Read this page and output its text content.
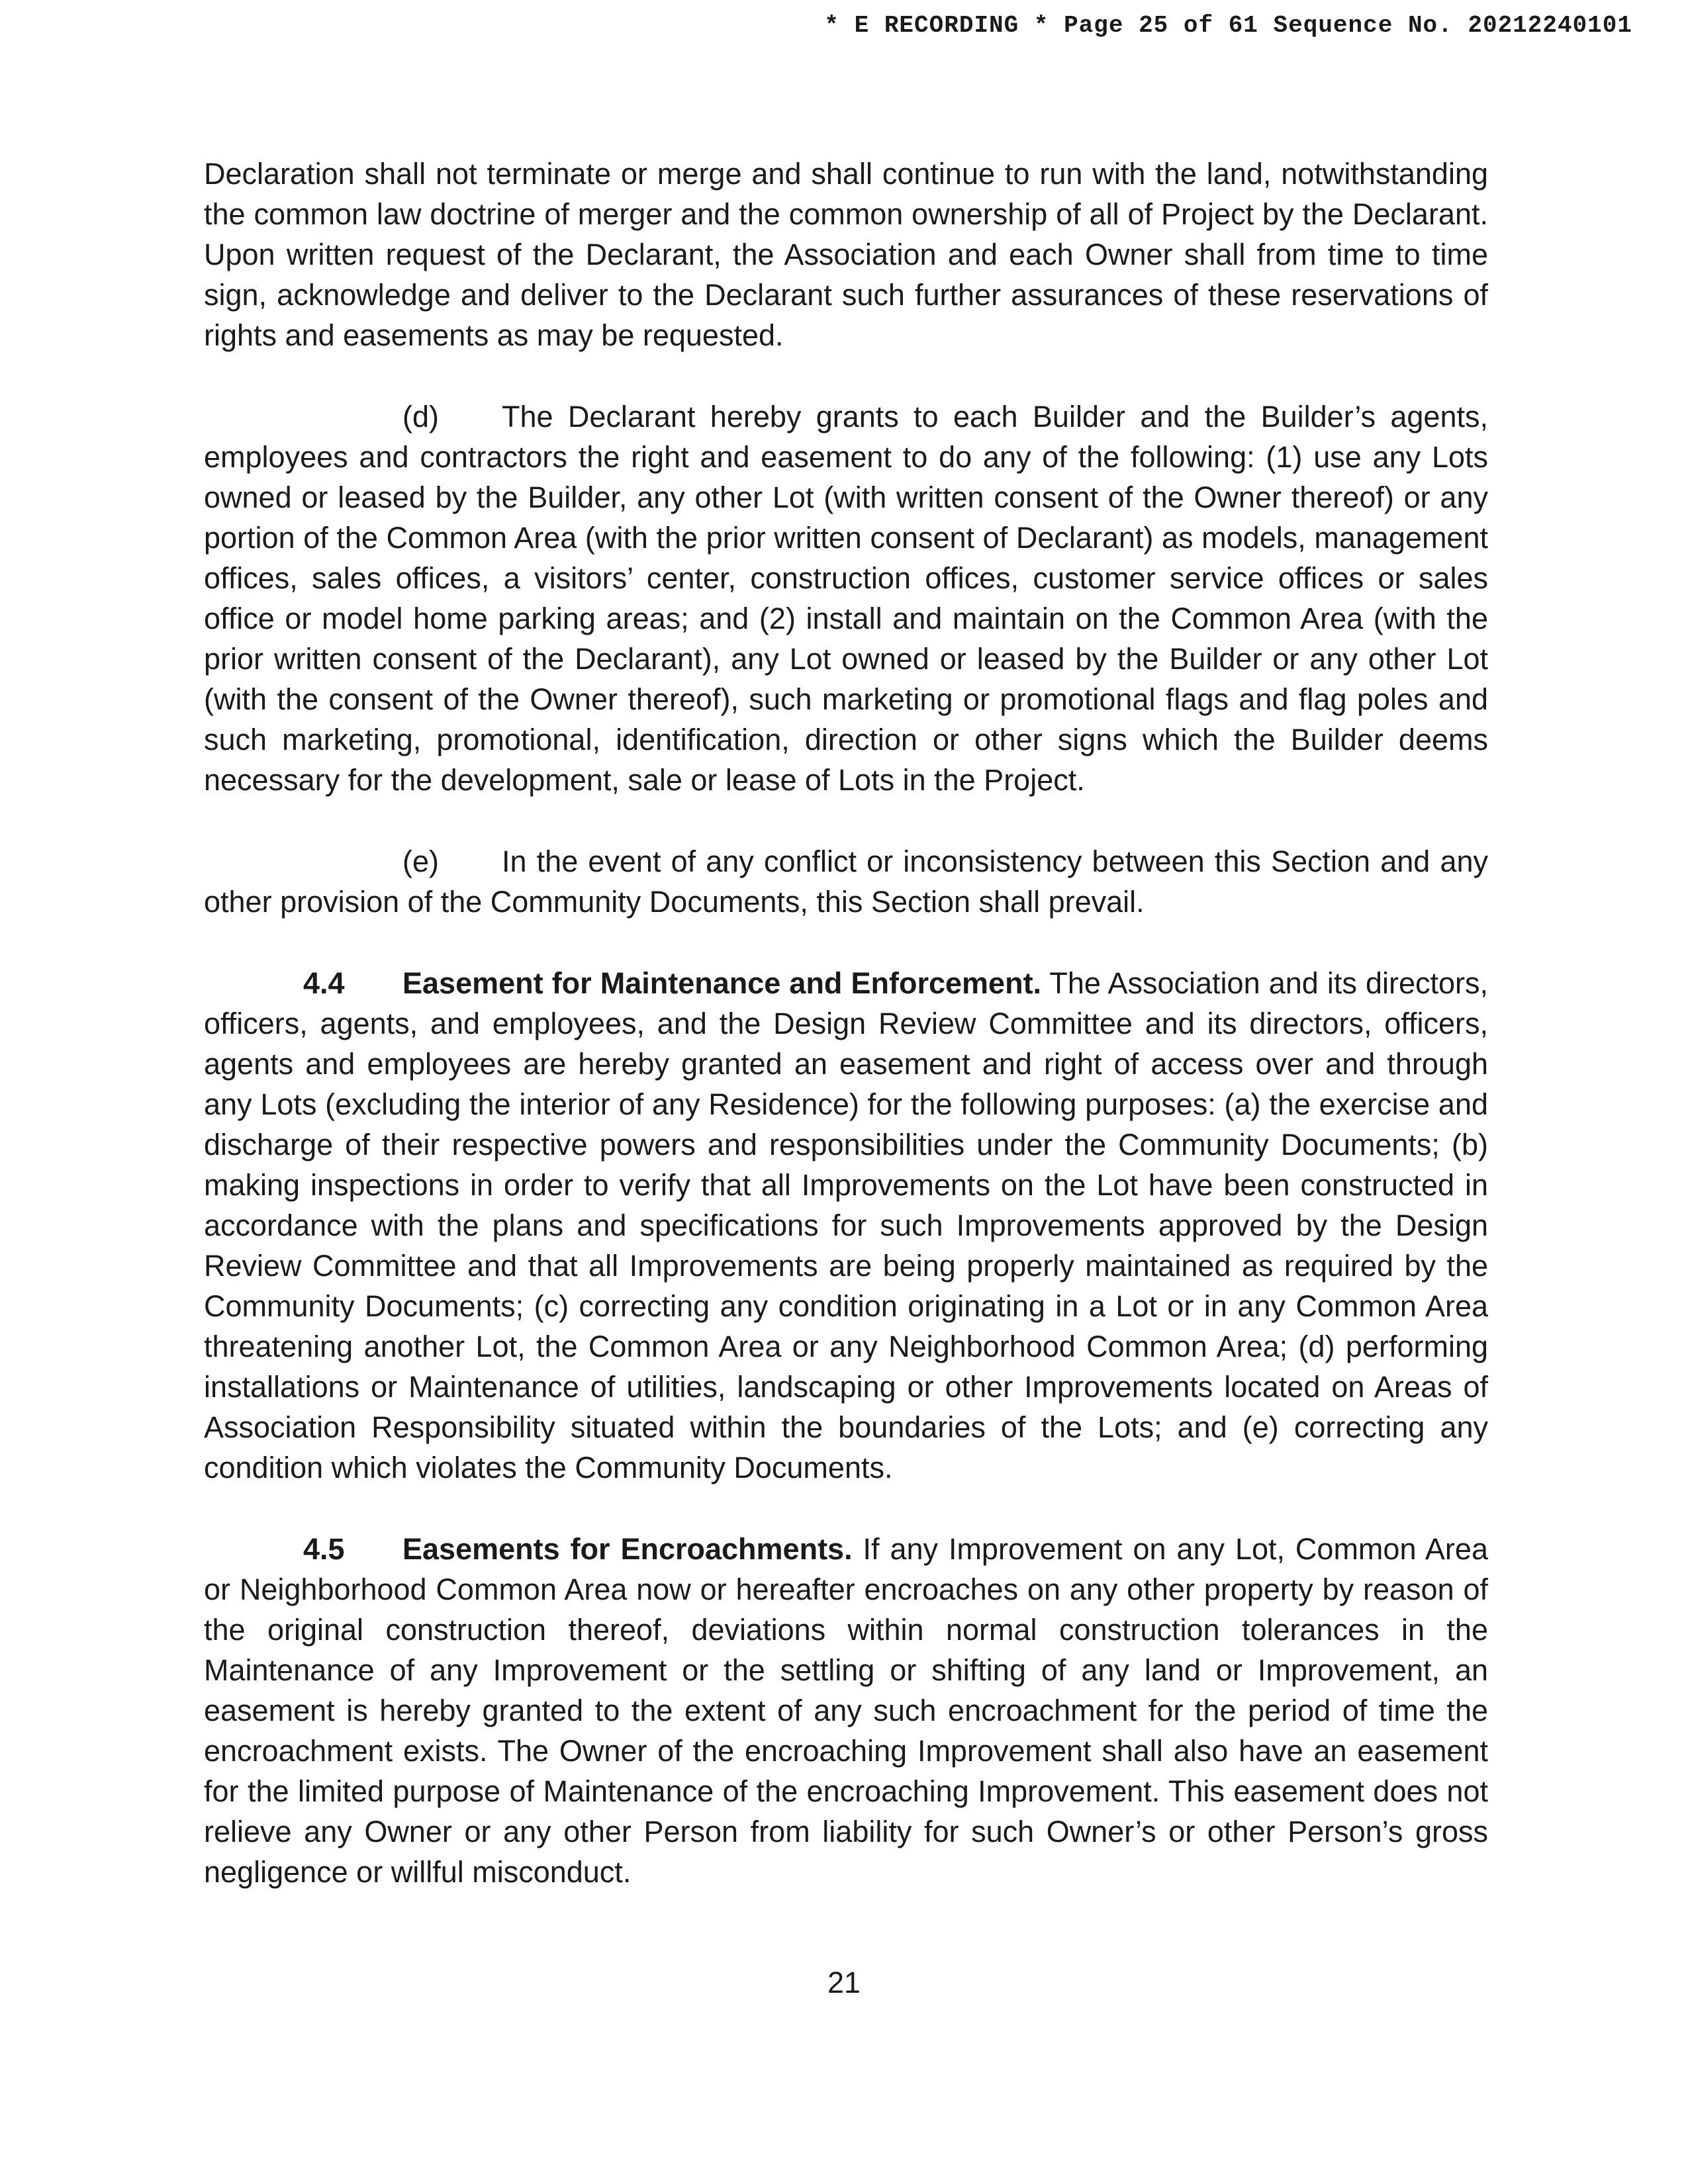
* E RECORDING * Page 25 of 61 Sequence No. 20212240101

Declaration shall not terminate or merge and shall continue to run with the land, notwithstanding the common law doctrine of merger and the common ownership of all of Project by the Declarant. Upon written request of the Declarant, the Association and each Owner shall from time to time sign, acknowledge and deliver to the Declarant such further assurances of these reservations of rights and easements as may be requested.

(d) The Declarant hereby grants to each Builder and the Builder’s agents, employees and contractors the right and easement to do any of the following: (1) use any Lots owned or leased by the Builder, any other Lot (with written consent of the Owner thereof) or any portion of the Common Area (with the prior written consent of Declarant) as models, management offices, sales offices, a visitors’ center, construction offices, customer service offices or sales office or model home parking areas; and (2) install and maintain on the Common Area (with the prior written consent of the Declarant), any Lot owned or leased by the Builder or any other Lot (with the consent of the Owner thereof), such marketing or promotional flags and flag poles and such marketing, promotional, identification, direction or other signs which the Builder deems necessary for the development, sale or lease of Lots in the Project.

(e) In the event of any conflict or inconsistency between this Section and any other provision of the Community Documents, this Section shall prevail.

4.4 Easement for Maintenance and Enforcement. The Association and its directors, officers, agents, and employees, and the Design Review Committee and its directors, officers, agents and employees are hereby granted an easement and right of access over and through any Lots (excluding the interior of any Residence) for the following purposes: (a) the exercise and discharge of their respective powers and responsibilities under the Community Documents; (b) making inspections in order to verify that all Improvements on the Lot have been constructed in accordance with the plans and specifications for such Improvements approved by the Design Review Committee and that all Improvements are being properly maintained as required by the Community Documents; (c) correcting any condition originating in a Lot or in any Common Area threatening another Lot, the Common Area or any Neighborhood Common Area; (d) performing installations or Maintenance of utilities, landscaping or other Improvements located on Areas of Association Responsibility situated within the boundaries of the Lots; and (e) correcting any condition which violates the Community Documents.

4.5 Easements for Encroachments. If any Improvement on any Lot, Common Area or Neighborhood Common Area now or hereafter encroaches on any other property by reason of the original construction thereof, deviations within normal construction tolerances in the Maintenance of any Improvement or the settling or shifting of any land or Improvement, an easement is hereby granted to the extent of any such encroachment for the period of time the encroachment exists. The Owner of the encroaching Improvement shall also have an easement for the limited purpose of Maintenance of the encroaching Improvement. This easement does not relieve any Owner or any other Person from liability for such Owner’s or other Person’s gross negligence or willful misconduct.

21
